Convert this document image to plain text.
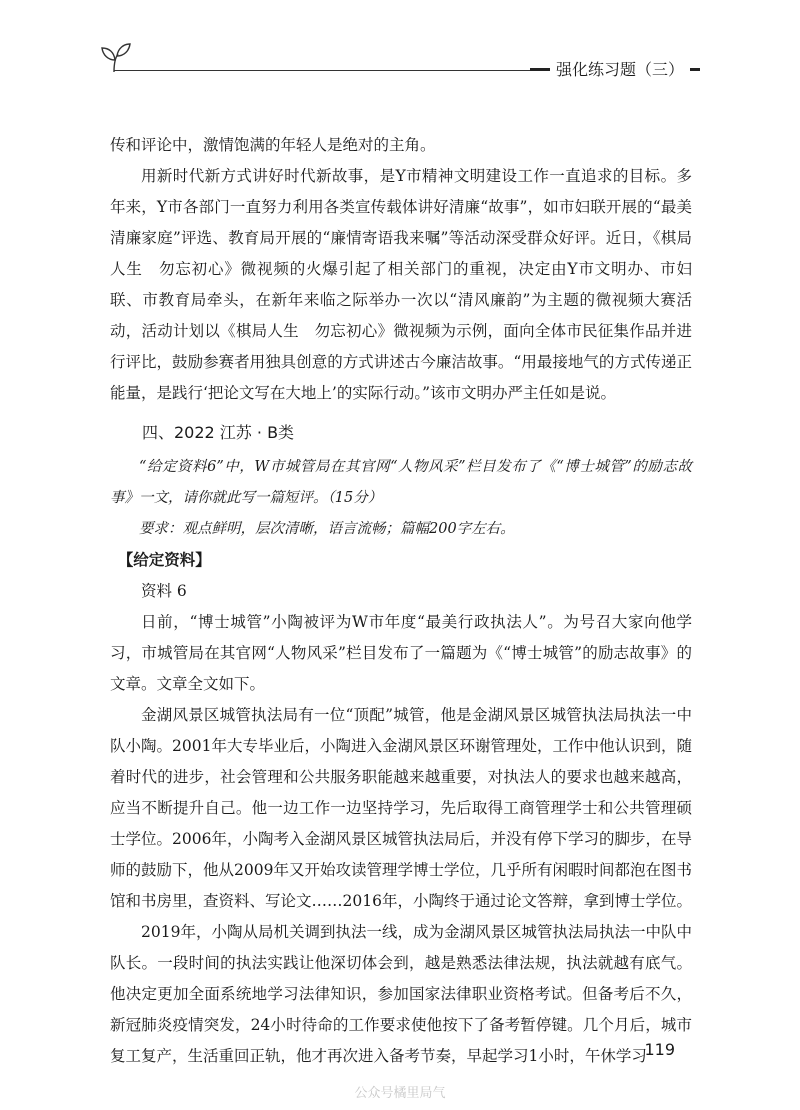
强化练习题（三）

传和评论中，激情饱满的年轻人是绝对的主角。

用新时代新方式讲好时代新故事，是Y市精神文明建设工作一直追求的目标。多年来，Y市各部门一直努力利用各类宣传载体讲好清廉“故事”，如市妇联开展的“最美清廉家庭”评选、教育局开展的“廉情寄语我来嘱”等活动深受群众好评。近日，《棋局人生　勿忘初心》微视频的火爆引起了相关部门的重视，决定由Y市文明办、市妇联、市教育局牵头，在新年来临之际举办一次以“清风廉韵”为主题的微视频大赛活动，活动计划以《棋局人生　勿忘初心》微视频为示例，面向全体市民征集作品并进行评比，鼓励参赛者用独具创意的方式讲述古今廉洁故事。“用最接地气的方式传递正能量，是践行‘把论文写在大地上’的实际行动。”该市文明办严主任如是说。

四、2022 江苏 · B类

“给定资料6”中，W市城管局在其官网“人物风采”栏目发布了《“博士城管”的励志故事》一文，请你就此写一篇短评。（15分）

要求：观点鲜明，层次清晰，语言流畅；篇幅200字左右。

【给定资料】

资料 6

日前，“博士城管”小陶被评为W市年度“最美行政执法人”。为号召大家向他学习，市城管局在其官网“人物风采”栏目发布了一篇题为《“博士城管”的励志故事》的文章。文章全文如下。

金湖风景区城管执法局有一位“顶配”城管，他是金湖风景区城管执法局执法一中队小陶。2001年大专毕业后，小陶进入金湖风景区环谢管理处，工作中他认识到，随着时代的进步，社会管理和公共服务职能越来越重要，对执法人的要求也越来越高，应当不断提升自己。他一边工作一边坚持学习，先后取得工商管理学士和公共管理硕士学位。2006年，小陶考入金湖风景区城管执法局后，并没有停下学习的脚步，在导师的鼓励下，他从2009年又开始攻读管理学博士学位，几乎所有闲暇时间都泡在图书馆和书房里，查资料、写论文……2016年，小陶终于通过论文答辩，拿到博士学位。

2019年，小陶从局机关调到执法一线，成为金湖风景区城管执法局执法一中队中队长。一段时间的执法实践让他深切体会到，越是熟悉法律法规，执法就越有底气。他决定更加全面系统地学习法律知识，参加国家法律职业资格考试。但备考后不久，新冠肺炎疫情突发，24小时待命的工作要求使他按下了备考暂停键。几个月后，城市复工复产，生活重回正轨，他才再次进入备考节奏，早起学习1小时，午休学习

119
公众号橘里局气
